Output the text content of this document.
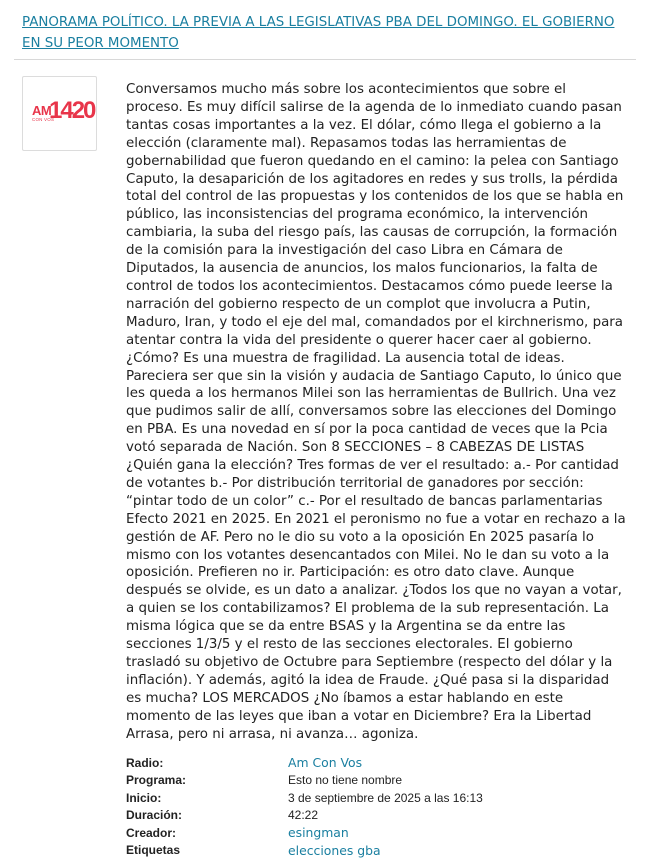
PANORAMA POLÍTICO. LA PREVIA A LAS LEGISLATIVAS PBA DEL DOMINGO. EL GOBIERNO EN SU PEOR MOMENTO
AM
CON VOS
1420

Conversamos mucho más sobre los acontecimientos que sobre el proceso. Es muy difícil salirse de la agenda de lo inmediato cuando pasan tantas cosas importantes a la vez. El dólar, cómo llega el gobierno a la elección (claramente mal). Repasamos todas las herramientas de gobernabilidad que fueron quedando en el camino: la pelea con Santiago Caputo, la desaparición de los agitadores en redes y sus trolls, la pérdida total del control de las propuestas y los contenidos de los que se habla en público, las inconsistencias del programa económico, la intervención cambiaria, la suba del riesgo país, las causas de corrupción, la formación de la comisión para la investigación del caso Libra en Cámara de Diputados, la ausencia de anuncios, los malos funcionarios, la falta de control de todos los acontecimientos. Destacamos cómo puede leerse la narración del gobierno respecto de un complot que involucra a Putin, Maduro, Iran, y todo el eje del mal, comandados por el kirchnerismo, para atentar contra la vida del presidente o querer hacer caer al gobierno. ¿Cómo? Es una muestra de fragilidad. La ausencia total de ideas. Pareciera ser que sin la visión y audacia de Santiago Caputo, lo único que les queda a los hermanos Milei son las herramientas de Bullrich. Una vez que pudimos salir de allí, conversamos sobre las elecciones del Domingo en PBA. Es una novedad en sí por la poca cantidad de veces que la Pcia votó separada de Nación. Son 8 SECCIONES – 8 CABEZAS DE LISTAS ¿Quién gana la elección? Tres formas de ver el resultado: a.- Por cantidad de votantes b.- Por distribución territorial de ganadores por sección: “pintar todo de un color” c.- Por el resultado de bancas parlamentarias Efecto 2021 en 2025. En 2021 el peronismo no fue a votar en rechazo a la gestión de AF. Pero no le dio su voto a la oposición En 2025 pasaría lo mismo con los votantes desencantados con Milei. No le dan su voto a la oposición. Prefieren no ir. Participación: es otro dato clave. Aunque después se olvide, es un dato a analizar. ¿Todos los que no vayan a votar, a quien se los contabilizamos? El problema de la sub representación. La misma lógica que se da entre BSAS y la Argentina se da entre las secciones 1/3/5 y el resto de las secciones electorales. El gobierno trasladó su objetivo de Octubre para Septiembre (respecto del dólar y la inflación). Y además, agitó la idea de Fraude. ¿Qué pasa si la disparidad es mucha? LOS MERCADOS ¿No íbamos a estar hablando en este momento de las leyes que iban a votar en Diciembre? Era la Libertad Arrasa, pero ni arrasa, ni avanza… agoniza.

Radio:	Am Con Vos
Programa:	Esto no tiene nombre
Inicio:	3 de septiembre de 2025 a las 16:13
Duración:	42:22
Creador:	esingman
Etiquetas	elecciones gba
